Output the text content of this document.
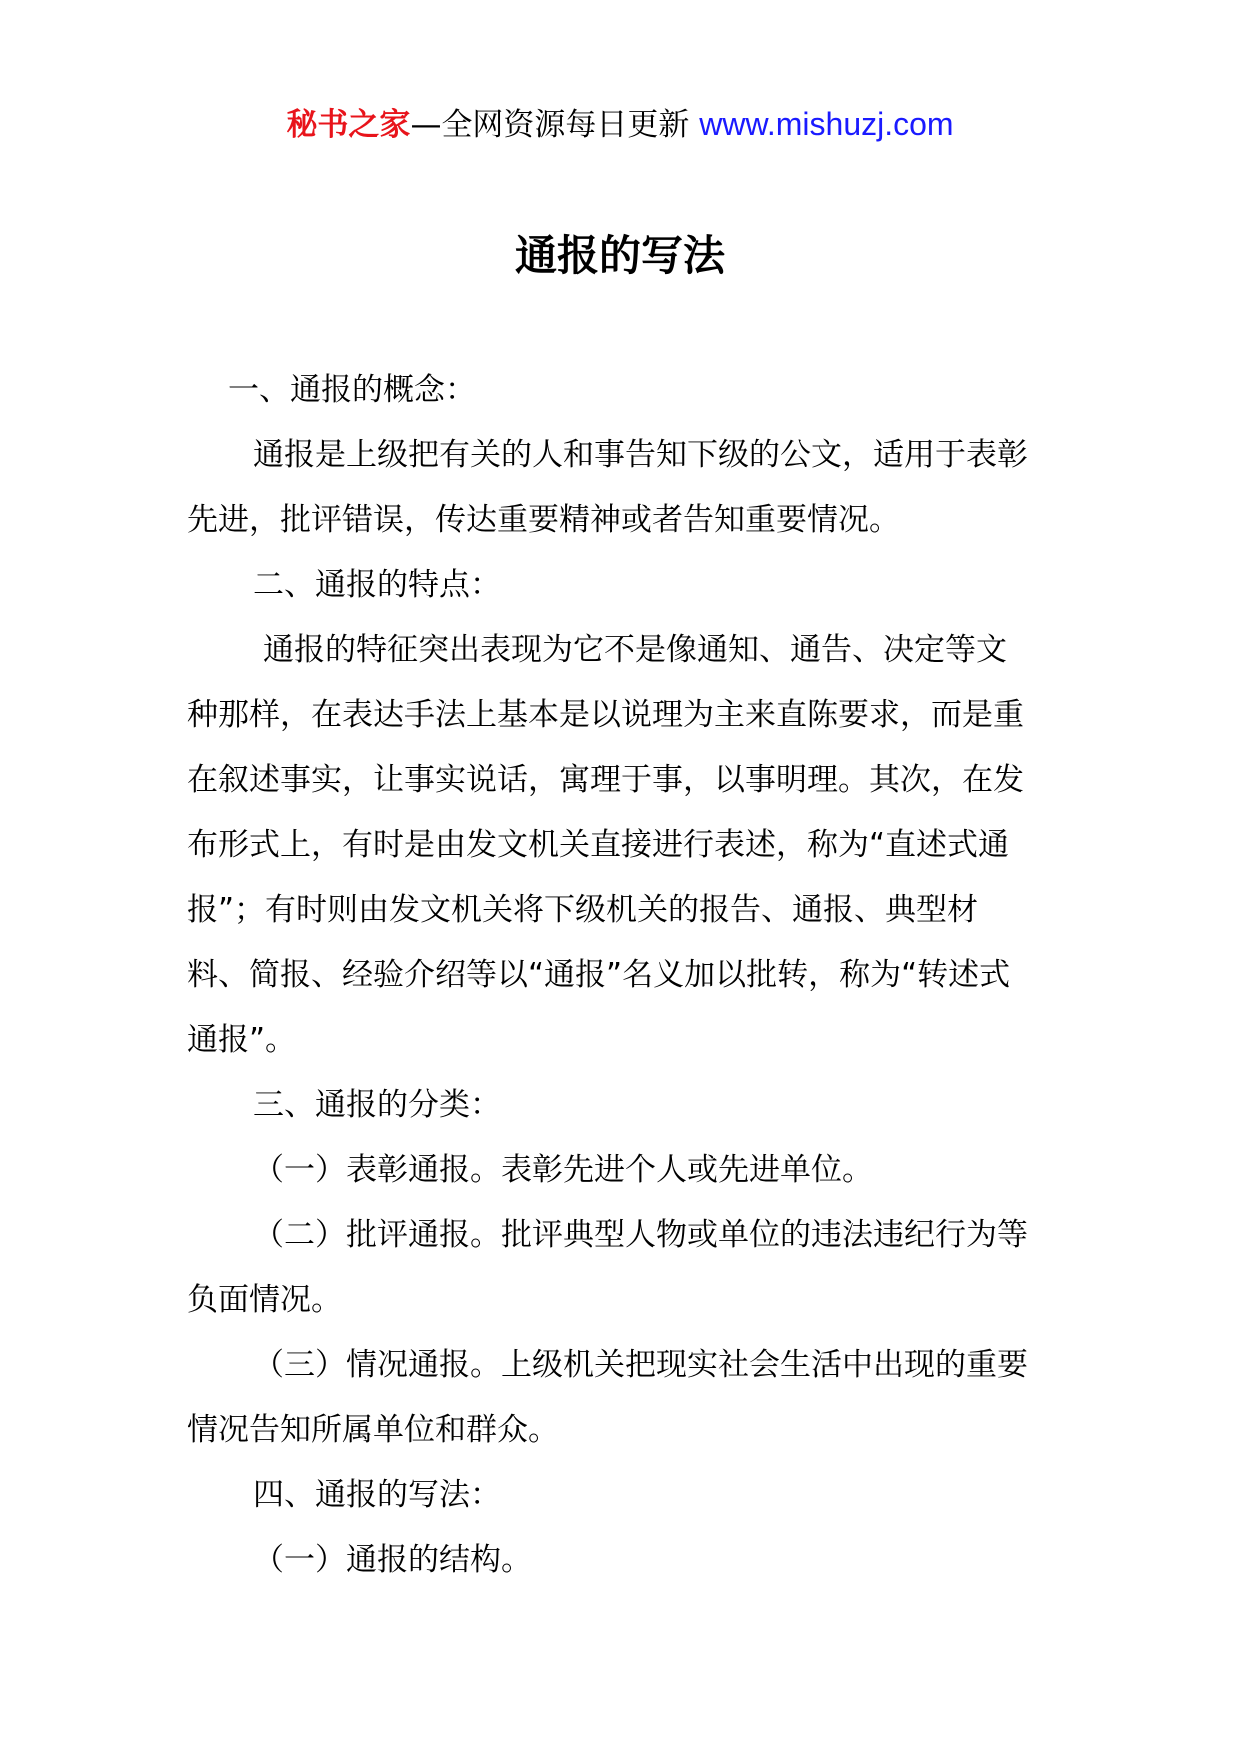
秘书之家—全网资源每日更新 www.mishuzj.com
通报的写法

一、通报的概念：

通报是上级把有关的人和事告知下级的公文，适用于表彰先进，批评错误，传达重要精神或者告知重要情况。

二、通报的特点：

通报的特征突出表现为它不是像通知、通告、决定等文种那样，在表达手法上基本是以说理为主来直陈要求，而是重在叙述事实，让事实说话，寓理于事，以事明理。其次，在发布形式上，有时是由发文机关直接进行表述，称为“直述式通报”；有时则由发文机关将下级机关的报告、通报、典型材料、简报、经验介绍等以“通报”名义加以批转，称为“转述式通报”。

三、通报的分类：

（一）表彰通报。表彰先进个人或先进单位。

（二）批评通报。批评典型人物或单位的违法违纪行为等负面情况。

（三）情况通报。上级机关把现实社会生活中出现的重要情况告知所属单位和群众。

四、通报的写法：

（一）通报的结构。
